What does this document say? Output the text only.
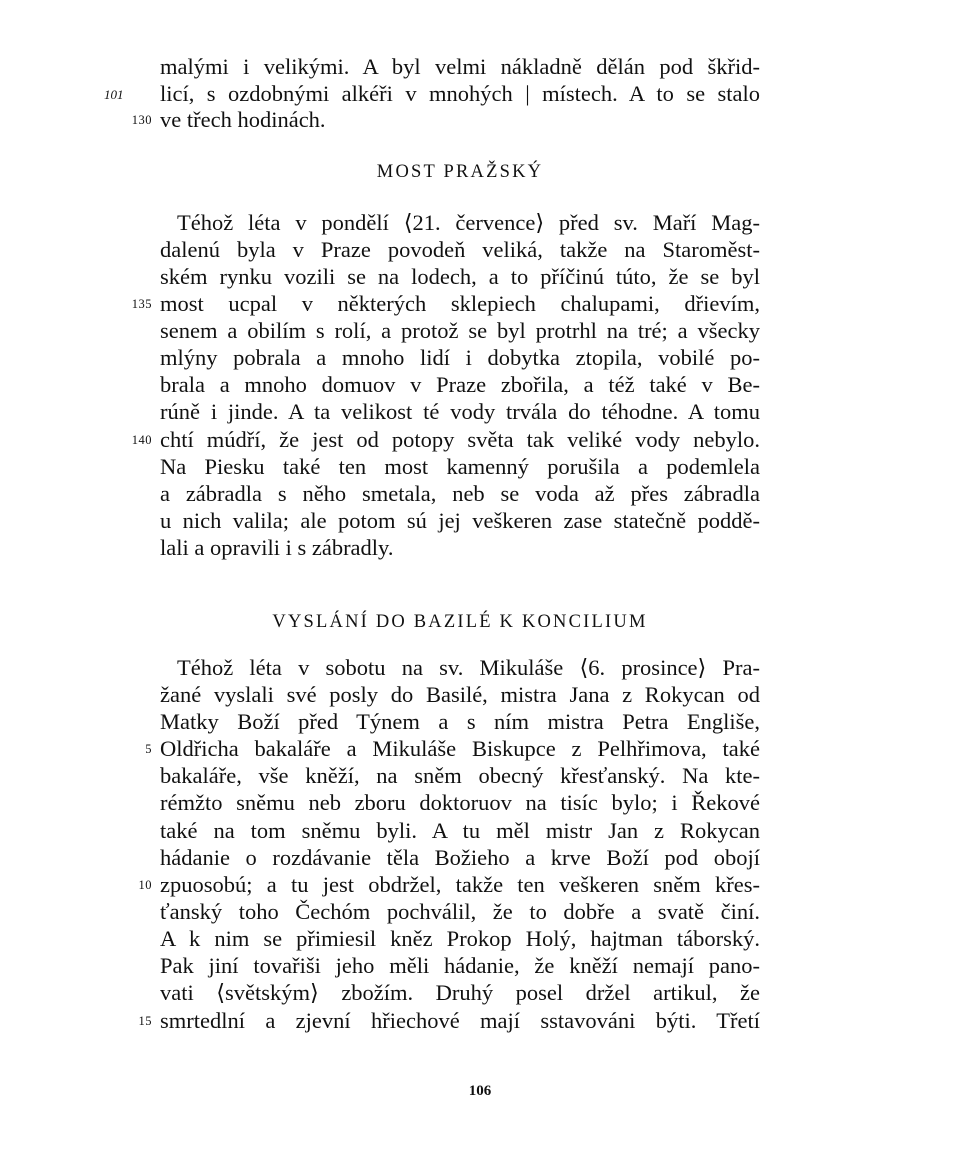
101
130
135
140
5
10
15
malými i velikými. A byl velmi nákladně dělán pod škřid-
licí, s ozdobnými alkéři v mnohých | místech. A to se stalo
ve třech hodinách.
MOST PRAŽSKÝ
Téhož léta v pondělí ⟨21. července⟩ před sv. Maří Mag-
dalenú byla v Praze povodeň veliká, takže na Staroměst-
ském rynku vozili se na lodech, a to příčinú túto, že se byl
most ucpal v některých sklepiech chalupami, dřievím,
senem a obilím s rolí, a protož se byl protrhl na tré; a všecky
mlýny pobrala a mnoho lidí i dobytka ztopila, vobilé po-
brala a mnoho domuov v Praze zbořila, a též také v Be-
rúně i jinde. A ta velikost té vody trvála do téhodne. A tomu
chtí múdří, že jest od potopy světa tak veliké vody nebylo.
Na Piesku také ten most kamenný porušila a podemlela
a zábradla s něho smetala, neb se voda až přes zábradla
u nich valila; ale potom sú jej veškeren zase statečně poddě-
lali a opravili i s zábradly.
VYSLÁNÍ DO BAZILÉ K KONCILIUM
Téhož léta v sobotu na sv. Mikuláše ⟨6. prosince⟩ Pra-
žané vyslali své posly do Basilé, mistra Jana z Rokycan od
Matky Boží před Týnem a s ním mistra Petra Engliše,
Oldřicha bakaláře a Mikuláše Biskupce z Pelhřimova, také
bakaláře, vše kněží, na sněm obecný křesťanský. Na kte-
rémžto sněmu neb zboru doktoruov na tisíc bylo; i Řekové
také na tom sněmu byli. A tu měl mistr Jan z Rokycan
hádanie o rozdávanie těla Božieho a krve Boží pod obojí
zpuosobú; a tu jest obdržel, takže ten veškeren sněm křes-
ťanský toho Čechóm pochválil, že to dobře a svatě činí.
A k nim se přimiesil kněz Prokop Holý, hajtman táborský.
Pak jiní tovařiši jeho měli hádanie, že kněží nemají pano-
vati ⟨světským⟩ zbožím. Druhý posel držel artikul, že
smrtedlní a zjevní hřiechové mají sstavováni býti. Třetí
106
